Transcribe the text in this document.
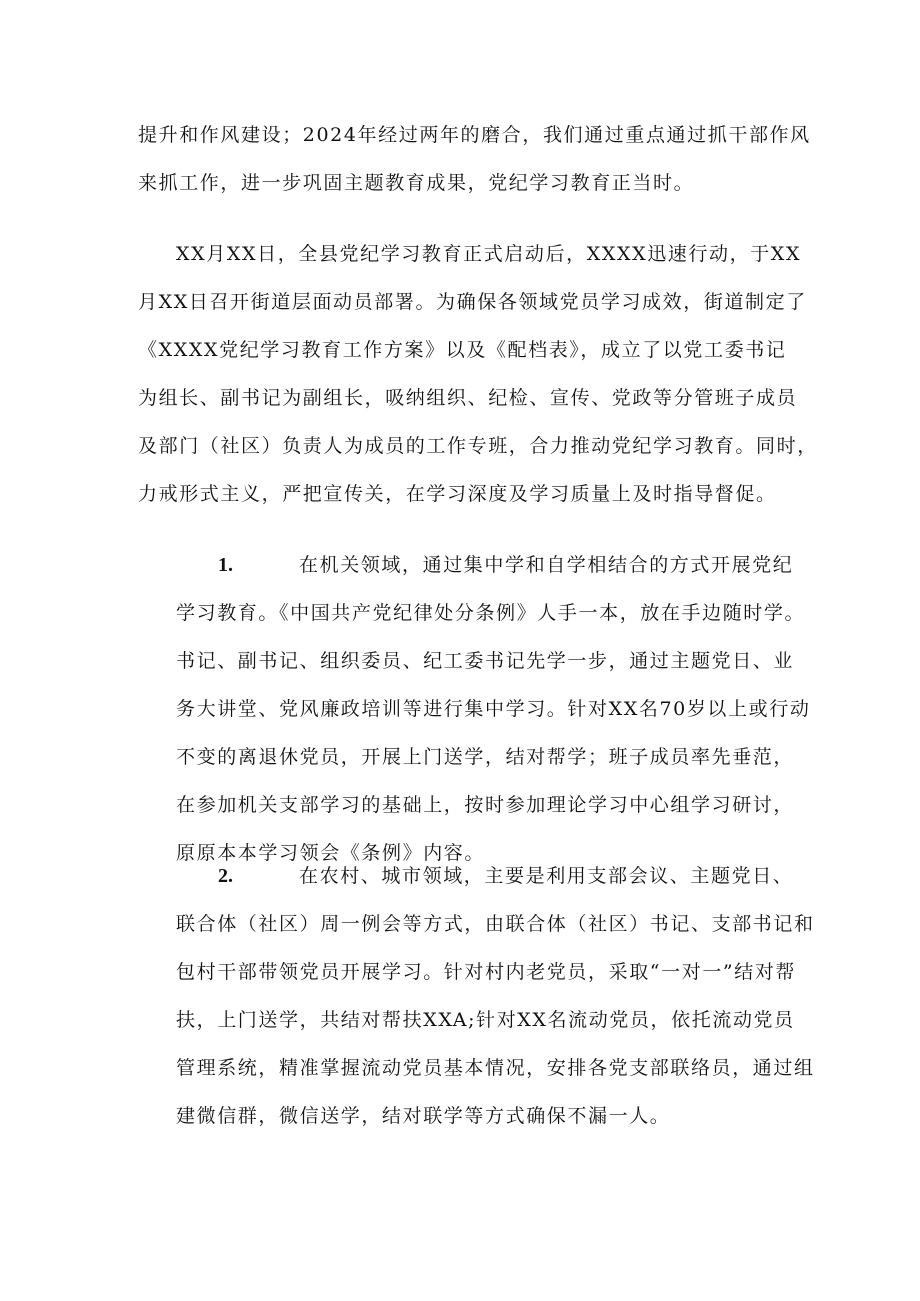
提升和作风建设；2024年经过两年的磨合，我们通过重点通过抓干部作风
来抓工作，进一步巩固主题教育成果，党纪学习教育正当时。
XX月XX日，全县党纪学习教育正式启动后，XXXX迅速行动，于XX
月XX日召开街道层面动员部署。为确保各领域党员学习成效，街道制定了
《XXXX党纪学习教育工作方案》以及《配档表》，成立了以党工委书记
为组长、副书记为副组长，吸纳组织、纪检、宣传、党政等分管班子成员
及部门（社区）负责人为成员的工作专班，合力推动党纪学习教育。同时，
力戒形式主义，严把宣传关，在学习深度及学习质量上及时指导督促。
1.	在机关领域，通过集中学和自学相结合的方式开展党纪
学习教育。《中国共产党纪律处分条例》人手一本，放在手边随时学。
书记、副书记、组织委员、纪工委书记先学一步，通过主题党日、业
务大讲堂、党风廉政培训等进行集中学习。针对XX名70岁以上或行动
不变的离退休党员，开展上门送学，结对帮学；班子成员率先垂范，
在参加机关支部学习的基础上，按时参加理论学习中心组学习研讨，
原原本本学习领会《条例》内容。
2.	在农村、城市领域，主要是利用支部会议、主题党日、
联合体（社区）周一例会等方式，由联合体（社区）书记、支部书记和
包村干部带领党员开展学习。针对村内老党员，采取“一对一”结对帮
扶，上门送学，共结对帮扶XXA;针对XX名流动党员，依托流动党员
管理系统，精准掌握流动党员基本情况，安排各党支部联络员，通过组
建微信群，微信送学，结对联学等方式确保不漏一人。
